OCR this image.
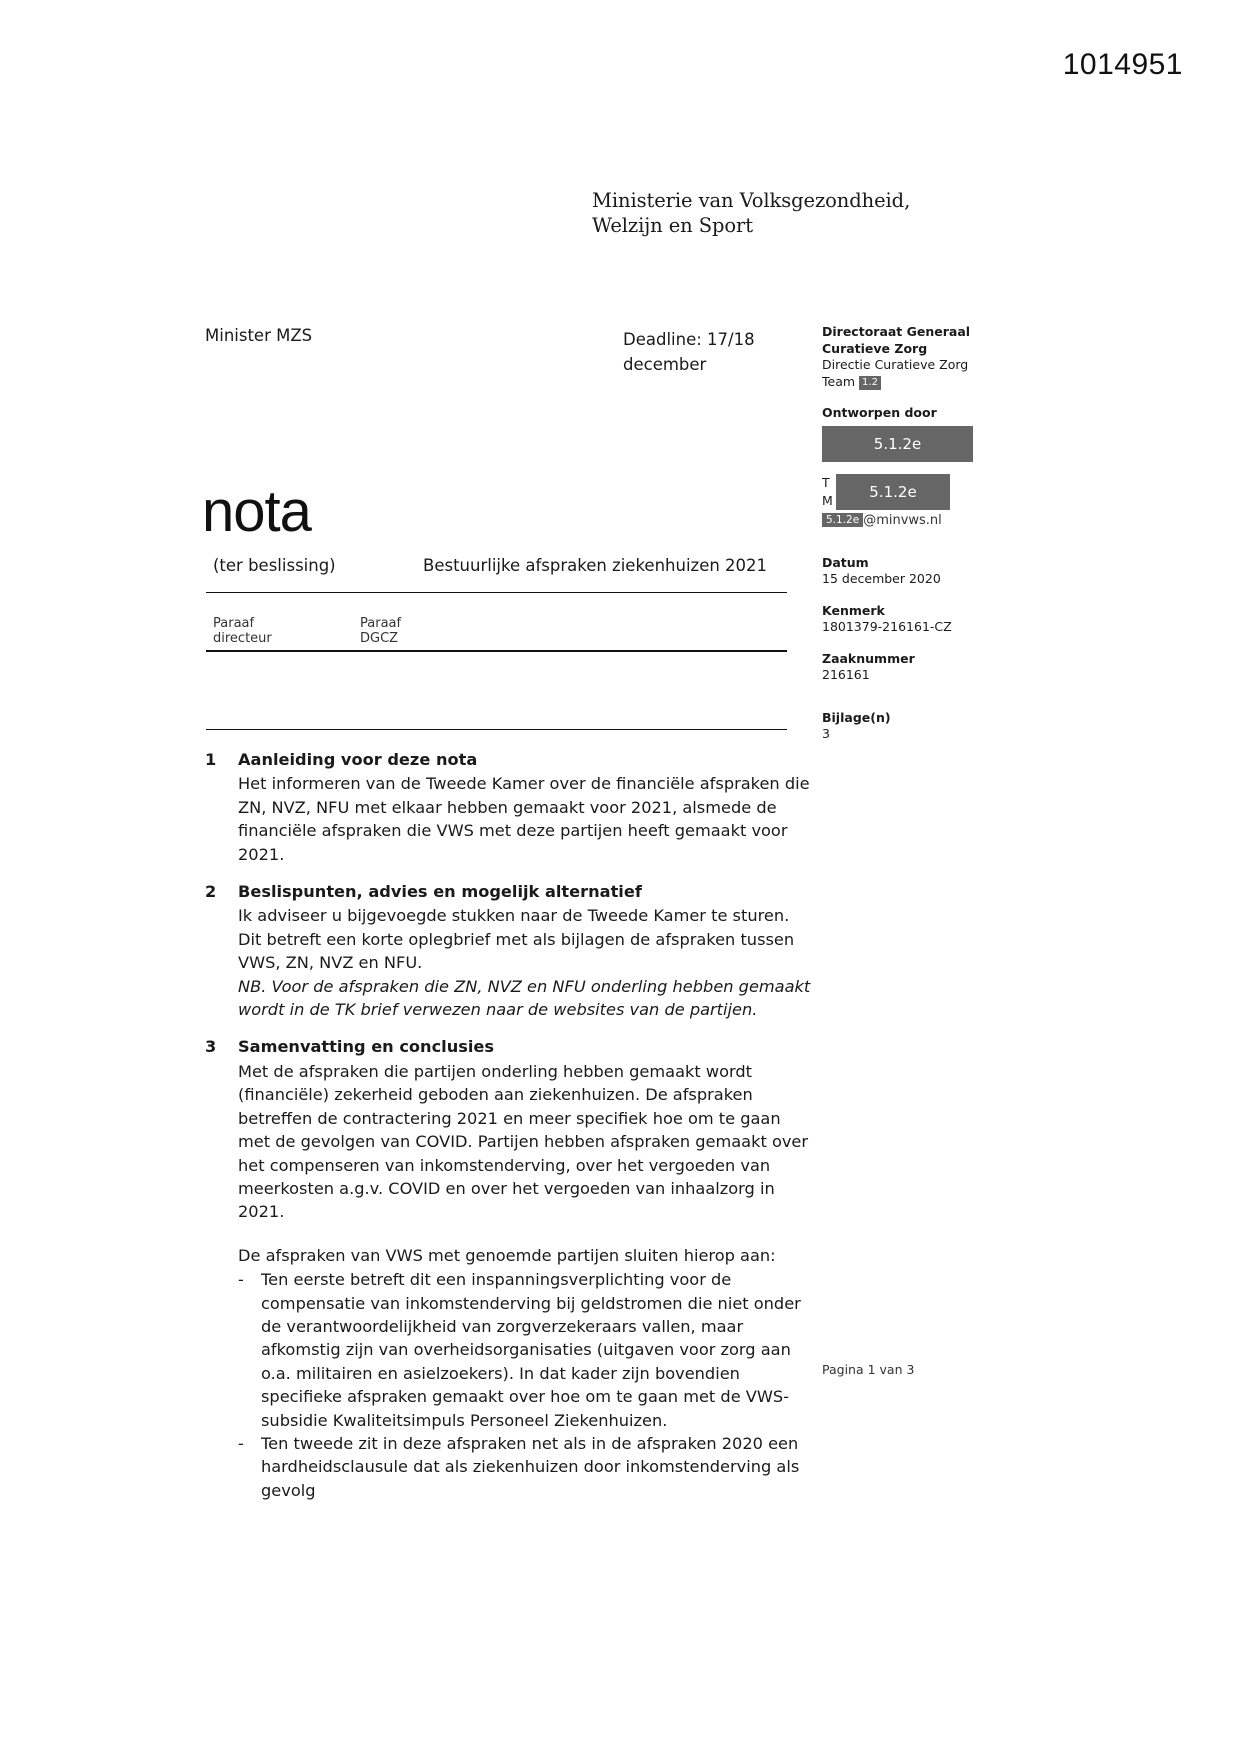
1014951
Ministerie van Volksgezondheid,
Welzijn en Sport
Minister MZS	Deadline: 17/18 december
Directoraat Generaal
Curatieve Zorg
Directie Curatieve Zorg
Team 1.2
Ontworpen door
5.1.2e
T
M	5.1.2e
5.1.2e @minvws.nl
Datum
15 december 2020
Kenmerk
1801379-216161-CZ
Zaaknummer
216161
Bijlage(n)
3
nota
(ter beslissing)	Bestuurlijke afspraken ziekenhuizen 2021
Paraaf directeur
Paraaf DGCZ
1 Aanleiding voor deze nota
Het informeren van de Tweede Kamer over de financiële afspraken die ZN, NVZ, NFU met elkaar hebben gemaakt voor 2021, alsmede de financiële afspraken die VWS met deze partijen heeft gemaakt voor 2021.
2 Beslispunten, advies en mogelijk alternatief
Ik adviseer u bijgevoegde stukken naar de Tweede Kamer te sturen. Dit betreft een korte oplegbrief met als bijlagen de afspraken tussen VWS, ZN, NVZ en NFU.
NB. Voor de afspraken die ZN, NVZ en NFU onderling hebben gemaakt wordt in de TK brief verwezen naar de websites van de partijen.
3 Samenvatting en conclusies
Met de afspraken die partijen onderling hebben gemaakt wordt (financiële) zekerheid geboden aan ziekenhuizen. De afspraken betreffen de contractering 2021 en meer specifiek hoe om te gaan met de gevolgen van COVID. Partijen hebben afspraken gemaakt over het compenseren van inkomstenderving, over het vergoeden van meerkosten a.g.v. COVID en over het vergoeden van inhaalzorg in 2021.
De afspraken van VWS met genoemde partijen sluiten hierop aan:
- Ten eerste betreft dit een inspanningsverplichting voor de compensatie van inkomstenderving bij geldstromen die niet onder de verantwoordelijkheid van zorgverzekeraars vallen, maar afkomstig zijn van overheidsorganisaties (uitgaven voor zorg aan o.a. militairen en asielzoekers). In dat kader zijn bovendien specifieke afspraken gemaakt over hoe om te gaan met de VWS-subsidie Kwaliteitsimpuls Personeel Ziekenhuizen.
- Ten tweede zit in deze afspraken net als in de afspraken 2020 een hardheidsclausule dat als ziekenhuizen door inkomstenderving als gevolg
Pagina 1 van 3
